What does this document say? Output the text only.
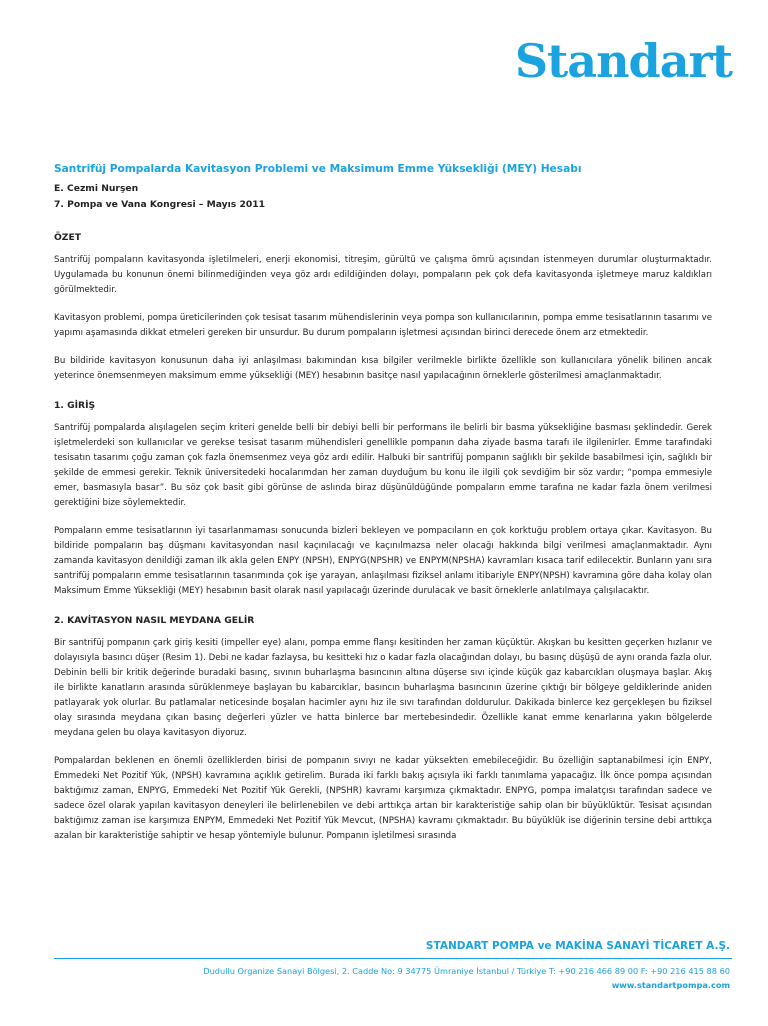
Standart
Santrifüj Pompalarda Kavitasyon Problemi ve Maksimum Emme Yüksekliği (MEY) Hesabı
E. Cezmi Nurşen
7. Pompa ve Vana Kongresi – Mayıs 2011
ÖZET

Santrifüj pompaların kavitasyonda işletilmeleri, enerji ekonomisi, titreşim, gürültü ve çalışma ömrü açısından istenmeyen durumlar oluşturmaktadır. Uygulamada bu konunun önemi bilinmediğinden veya göz ardı edildiğinden dolayı, pompaların pek çok defa kavitasyonda işletmeye maruz kaldıkları görülmektedir.

Kavitasyon problemi, pompa üreticilerinden çok tesisat tasarım mühendislerinin veya pompa son kullanıcılarının, pompa emme tesisatlarının tasarımı ve yapımı aşamasında dikkat etmeleri gereken bir unsurdur. Bu durum pompaların işletmesi açısından birinci derecede önem arz etmektedir.

Bu bildiride kavitasyon konusunun daha iyi anlaşılması bakımından kısa bilgiler verilmekle birlikte özellikle son kullanıcılara yönelik bilinen ancak yeterince önemsenmeyen maksimum emme yüksekliği (MEY) hesabının basitçe nasıl yapılacağının örneklerle gösterilmesi amaçlanmaktadır.

1. GİRİŞ

Santrifüj pompalarda alışılagelen seçim kriteri genelde belli bir debiyi belli bir performans ile belirli bir basma yüksekliğine basması şeklindedir. Gerek işletmelerdeki son kullanıcılar ve gerekse tesisat tasarım mühendisleri genellikle pompanın daha ziyade basma tarafı ile ilgilenirler. Emme tarafındaki tesisatın tasarımı çoğu zaman çok fazla önemsenmez veya göz ardı edilir. Halbuki bir santrifüj pompanın sağlıklı bir şekilde basabilmesi için, sağlıklı bir şekilde de emmesi gerekir. Teknik üniversitedeki hocalarımdan her zaman duyduğum bu konu ile ilgili çok sevdiğim bir söz vardır; “pompa emmesiyle emer, basmasıyla basar”. Bu söz çok basit gibi görünse de aslında biraz düşünüldüğünde pompaların emme tarafına ne kadar fazla önem verilmesi gerektiğini bize söylemektedir.

Pompaların emme tesisatlarının iyi tasarlanmaması sonucunda bizleri bekleyen ve pompacıların en çok korktuğu problem ortaya çıkar. Kavitasyon. Bu bildiride pompaların baş düşmanı kavitasyondan nasıl kaçınılacağı ve kaçınılmazsa neler olacağı hakkında bilgi verilmesi amaçlanmaktadır. Aynı zamanda kavitasyon denildiği zaman ilk akla gelen ENPY (NPSH), ENPYG(NPSHR) ve ENPYM(NPSHA) kavramları kısaca tarif edilecektir. Bunların yanı sıra santrifüj pompaların emme tesisatlarının tasarımında çok işe yarayan, anlaşılması fiziksel anlamı itibariyle ENPY(NPSH) kavramına göre daha kolay olan Maksimum Emme Yüksekliği (MEY) hesabının basit olarak nasıl yapılacağı üzerinde durulacak ve basit örneklerle anlatılmaya çalışılacaktır.

2. KAVİTASYON NASIL MEYDANA GELİR

Bir santrifüj pompanın çark giriş kesiti (impeller eye) alanı, pompa emme flanşı kesitinden her zaman küçüktür. Akışkan bu kesitten geçerken hızlanır ve dolayısıyla basıncı düşer (Resim 1). Debi ne kadar fazlaysa, bu kesitteki hız o kadar fazla olacağından dolayı, bu basınç düşüşü de aynı oranda fazla olur. Debinin belli bir kritik değerinde buradaki basınç, sıvının buharlaşma basıncının altına düşerse sıvı içinde küçük gaz kabarcıkları oluşmaya başlar. Akış ile birlikte kanatların arasında sürüklenmeye başlayan bu kabarcıklar, basıncın buharlaşma basıncının üzerine çıktığı bir bölgeye geldiklerinde aniden patlayarak yok olurlar. Bu patlamalar neticesinde boşalan hacimler aynı hız ile sıvı tarafından doldurulur. Dakikada binlerce kez gerçekleşen bu fiziksel olay sırasında meydana çıkan basınç değerleri yüzler ve hatta binlerce bar mertebesindedir. Özellikle kanat emme kenarlarına yakın bölgelerde meydana gelen bu olaya kavitasyon diyoruz.

Pompalardan beklenen en önemli özelliklerden birisi de pompanın sıvıyı ne kadar yüksekten emebileceğidir. Bu özelliğin saptanabilmesi için ENPY, Emmedeki Net Pozitif Yük, (NPSH) kavramına açıklık getirelim. Burada iki farklı bakış açısıyla iki farklı tanımlama yapacağız. İlk önce pompa açısından baktığımız zaman, ENPYG, Emmedeki Net Pozitif Yük Gerekli, (NPSHR) kavramı karşımıza çıkmaktadır. ENPYG, pompa imalatçısı tarafından sadece ve sadece özel olarak yapılan kavitasyon deneyleri ile belirlenebilen ve debi arttıkça artan bir karakteristiğe sahip olan bir büyüklüktür. Tesisat açısından baktığımız zaman ise karşımıza ENPYM, Emmedeki Net Pozitif Yük Mevcut, (NPSHA) kavramı çıkmaktadır. Bu büyüklük ise diğerinin tersine debi arttıkça azalan bir karakteristiğe sahiptir ve hesap yöntemiyle bulunur. Pompanın işletilmesi sırasında

STANDART POMPA ve MAKİNA SANAYİ TİCARET A.Ş.
Dudullu Organize Sanayi Bölgesi, 2. Cadde No: 9 34775 Ümraniye İstanbul / Türkiye T: +90 216 466 89 00 F: +90 216 415 88 60
www.standartpompa.com
